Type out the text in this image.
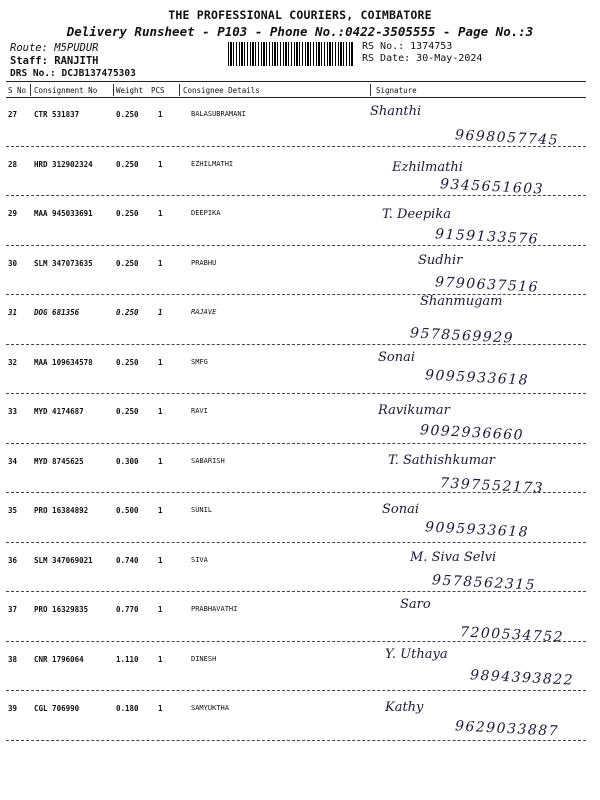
THE PROFESSIONAL COURIERS, COIMBATORE
Delivery Runsheet - P103 - Phone No.:0422-3505555 - Page No.:3
Route: M5PUDUR
Staff: RANJITH
DRS No.: DCJB137475303
RS No.: 1374753
RS Date: 30-May-2024
S No Consignment No	Weight PCS Consignee Details	Signature
27 CTR 531837	0.250	1	BALASUBRAMANI	Shanthi
9698057745
28 HRD 312902324	0.250	1	EZHILMATHI	Ezhilmathi
9345651603
29 MAA 945033691	0.250	1	DEEPIKA	T. Deepika
9159133576
30 SLM 347073635	0.250	1	PRABHU	Sudhir
9790637516
31 DOG 681356	0.250	1	RAJAVE
Shanmugam
9578569929
32 MAA 109634578	0.250	1	SMFG	Sonai
9095933618
33 MYD 4174687	0.250	1	RAVI	Ravikumar
9092936660
34 MYD 8745625	0.300	1	SABARISH	T. Sathishkumar
7397552173
35 PRO 16384892	0.500	1	SUNIL	Sonai
9095933618
36 SLM 347069021	0.740	1	SIVA	M. Siva Selvi
9578562315
37 PRO 16329835	0.770	1	PRABHAVATHI	Saro
7200534752
38 CNR 1796064	1.110	1	DINESH	Y. Uthaya
9894393822
39 CGL 706990	0.180	1	SAMYUKTHA	Kathy
9629033887
